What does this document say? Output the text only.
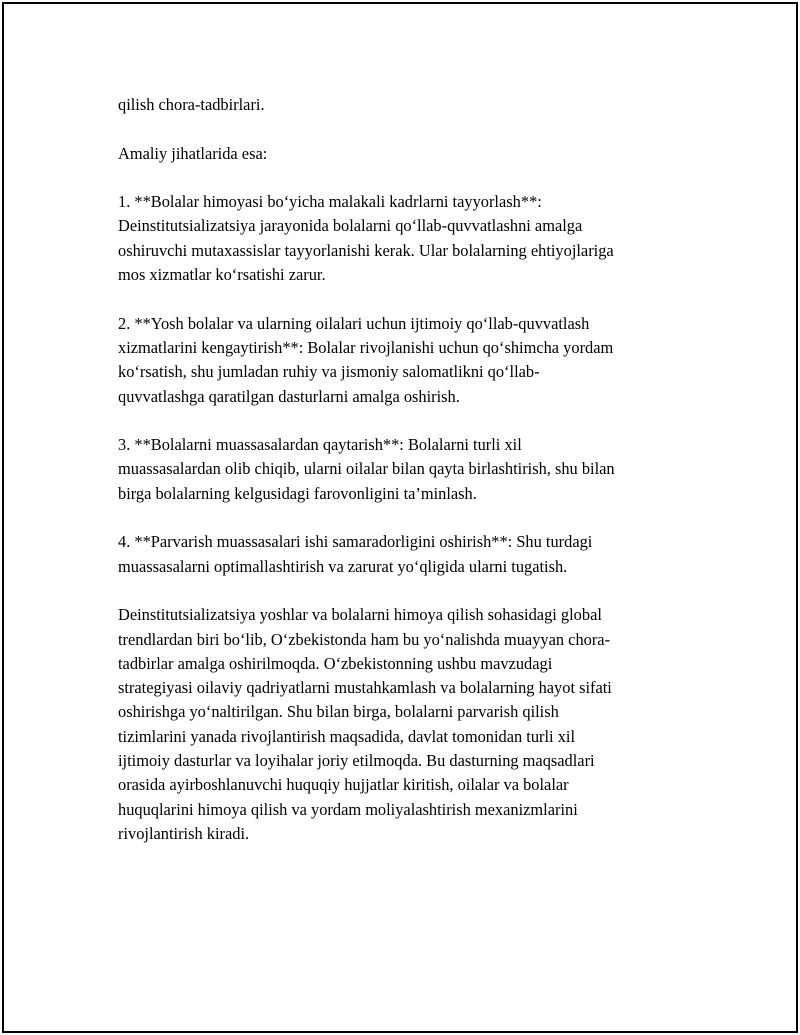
qilish chora-tadbirlari.

Amaliy jihatlarida esa:

1. **Bolalar himoyasi boʻyicha malakali kadrlarni tayyorlash**:
Deinstitutsializatsiya jarayonida bolalarni qoʻllab-quvvatlashni amalga
oshiruvchi mutaxassislar tayyorlanishi kerak. Ular bolalarning ehtiyojlariga
mos xizmatlar koʻrsatishi zarur.

2. **Yosh bolalar va ularning oilalari uchun ijtimoiy qoʻllab-quvvatlash
xizmatlarini kengaytirish**: Bolalar rivojlanishi uchun qoʻshimcha yordam
koʻrsatish, shu jumladan ruhiy va jismoniy salomatlikni qoʻllab-
quvvatlashga qaratilgan dasturlarni amalga oshirish.

3. **Bolalarni muassasalardan qaytarish**: Bolalarni turli xil
muassasalardan olib chiqib, ularni oilalar bilan qayta birlashtirish, shu bilan
birga bolalarning kelgusidagi farovonligini ta’minlash.

4. **Parvarish muassasalari ishi samaradorligini oshirish**: Shu turdagi
muassasalarni optimallashtirish va zarurat yoʻqligida ularni tugatish.

Deinstitutsializatsiya yoshlar va bolalarni himoya qilish sohasidagi global
trendlardan biri boʻlib, Oʻzbekistonda ham bu yoʻnalishda muayyan chora-
tadbirlar amalga oshirilmoqda. Oʻzbekistonning ushbu mavzudagi
strategiyasi oilaviy qadriyatlarni mustahkamlash va bolalarning hayot sifati
oshirishga yoʻnaltirilgan. Shu bilan birga, bolalarni parvarish qilish
tizimlarini yanada rivojlantirish maqsadida, davlat tomonidan turli xil
ijtimoiy dasturlar va loyihalar joriy etilmoqda. Bu dasturning maqsadlari
orasida ayirboshlanuvchi huquqiy hujjatlar kiritish, oilalar va bolalar
huquqlarini himoya qilish va yordam moliyalashtirish mexanizmlarini
rivojlantirish kiradi.
